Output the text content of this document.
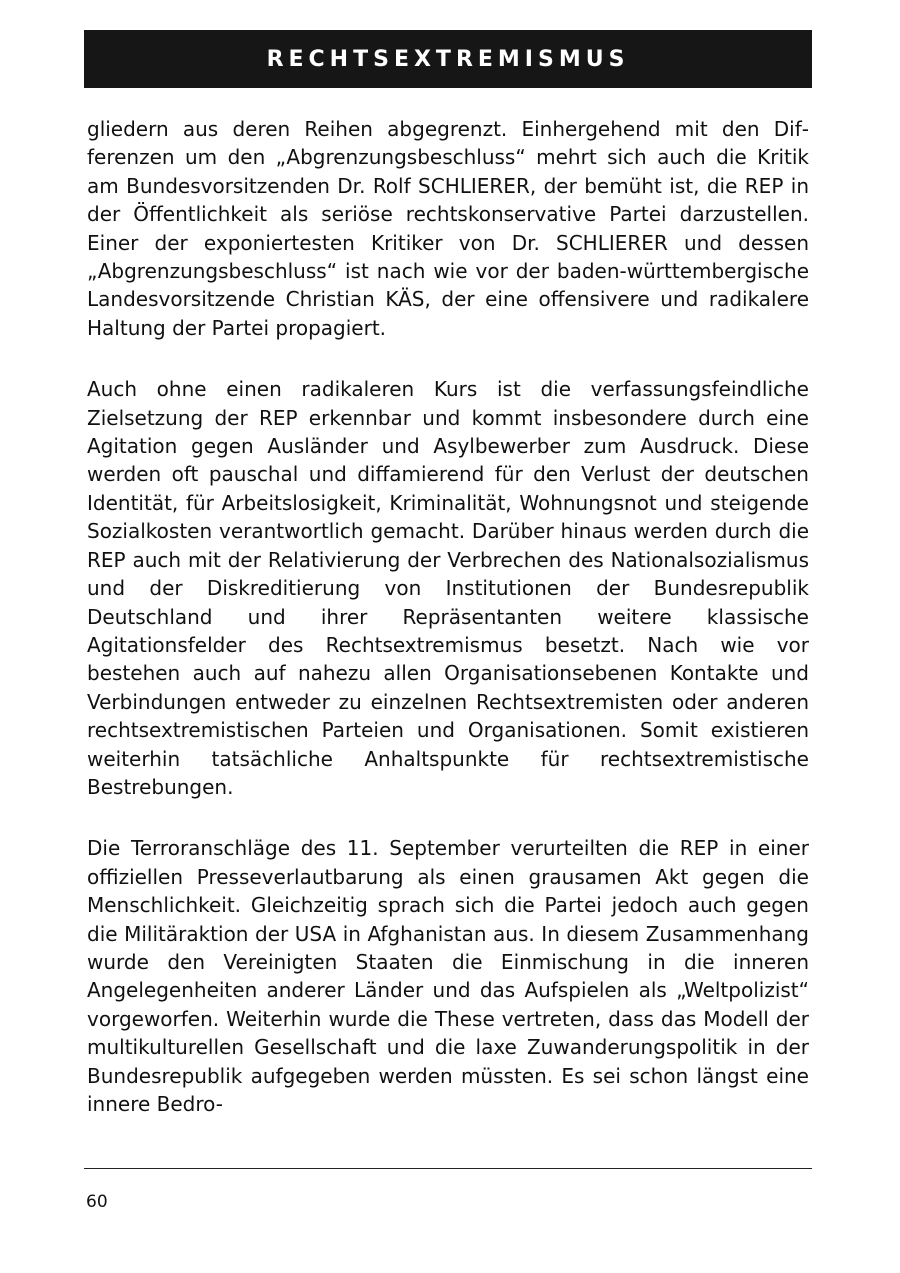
RECHTSEXTREMISMUS

gliedern aus deren Reihen abgegrenzt. Einhergehend mit den Differenzen um den „Abgrenzungsbeschluss“ mehrt sich auch die Kritik am Bundesvorsitzenden Dr. Rolf SCHLIERER, der bemüht ist, die REP in der Öffentlichkeit als seriöse rechtskonservative Partei darzustellen. Einer der exponiertesten Kritiker von Dr. SCHLIERER und dessen „Abgrenzungsbeschluss“ ist nach wie vor der baden-württembergische Landesvorsitzende Christian KÄS, der eine offensivere und radikalere Haltung der Partei propagiert.

Auch ohne einen radikaleren Kurs ist die verfassungsfeindliche Zielsetzung der REP erkennbar und kommt insbesondere durch eine Agitation gegen Ausländer und Asylbewerber zum Ausdruck. Diese werden oft pauschal und diffamierend für den Verlust der deutschen Identität, für Arbeitslosigkeit, Kriminalität, Wohnungsnot und steigende Sozialkosten verantwortlich gemacht. Darüber hinaus werden durch die REP auch mit der Relativierung der Verbrechen des Nationalsozialismus und der Diskreditierung von Institutionen der Bundesrepublik Deutschland und ihrer Repräsentanten weitere klassische Agitationsfelder des Rechtsextremismus besetzt. Nach wie vor bestehen auch auf nahezu allen Organisationsebenen Kontakte und Verbindungen entweder zu einzelnen Rechtsextremisten oder anderen rechtsextremistischen Parteien und Organisationen. Somit existieren weiterhin tatsächliche Anhaltspunkte für rechtsextremistische Bestrebungen.

Die Terroranschläge des 11. September verurteilten die REP in einer offiziellen Presseverlautbarung als einen grausamen Akt gegen die Menschlichkeit. Gleichzeitig sprach sich die Partei jedoch auch gegen die Militäraktion der USA in Afghanistan aus. In diesem Zusammenhang wurde den Vereinigten Staaten die Einmischung in die inneren Angelegenheiten anderer Länder und das Aufspielen als „Weltpolizist“ vorgeworfen. Weiterhin wurde die These vertreten, dass das Modell der multikulturellen Gesellschaft und die laxe Zuwanderungspolitik in der Bundesrepublik aufgegeben werden müssten. Es sei schon längst eine innere Bedro-

60
